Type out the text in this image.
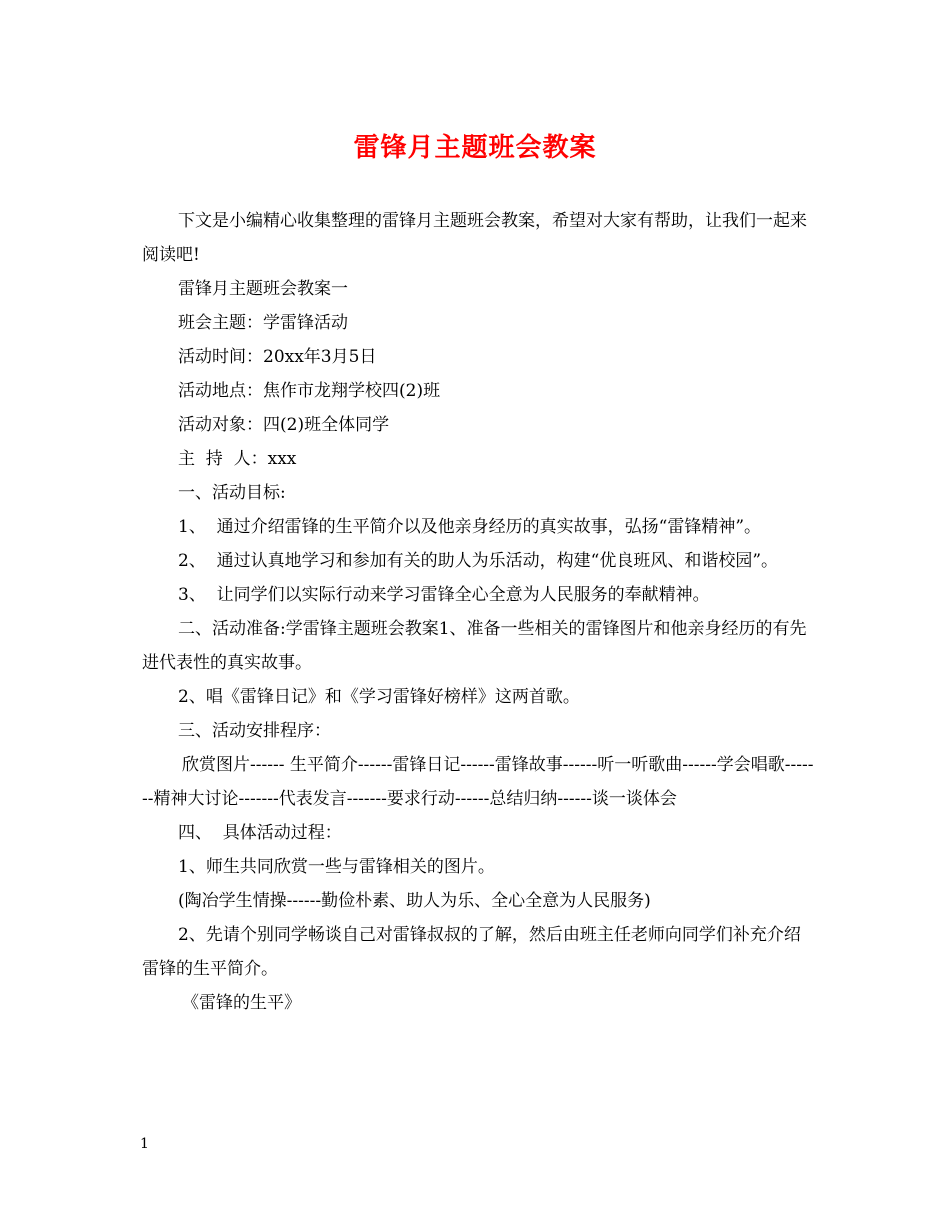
雷锋月主题班会教案

下文是小编精心收集整理的雷锋月主题班会教案，希望对大家有帮助，让我们一起来阅读吧!

雷锋月主题班会教案一

班会主题：学雷锋活动

活动时间：20xx年3月5日

活动地点：焦作市龙翔学校四(2)班

活动对象：四(2)班全体同学

主  持  人：xxx

一、活动目标:

1、  通过介绍雷锋的生平简介以及他亲身经历的真实故事，弘扬“雷锋精神”。

2、  通过认真地学习和参加有关的助人为乐活动，构建“优良班风、和谐校园”。

3、  让同学们以实际行动来学习雷锋全心全意为人民服务的奉献精神。

二、活动准备:学雷锋主题班会教案1、准备一些相关的雷锋图片和他亲身经历的有先进代表性的真实故事。

2、唱《雷锋日记》和《学习雷锋好榜样》这两首歌。

三、活动安排程序：

欣赏图片------ 生平简介------雷锋日记------雷锋故事------听一听歌曲------学会唱歌-------精神大讨论-------代表发言-------要求行动------总结归纳------谈一谈体会

四、  具体活动过程：

1、师生共同欣赏一些与雷锋相关的图片。

(陶冶学生情操------勤俭朴素、助人为乐、全心全意为人民服务)

2、先请个别同学畅谈自己对雷锋叔叔的了解，然后由班主任老师向同学们补充介绍雷锋的生平简介。

《雷锋的生平》

1
